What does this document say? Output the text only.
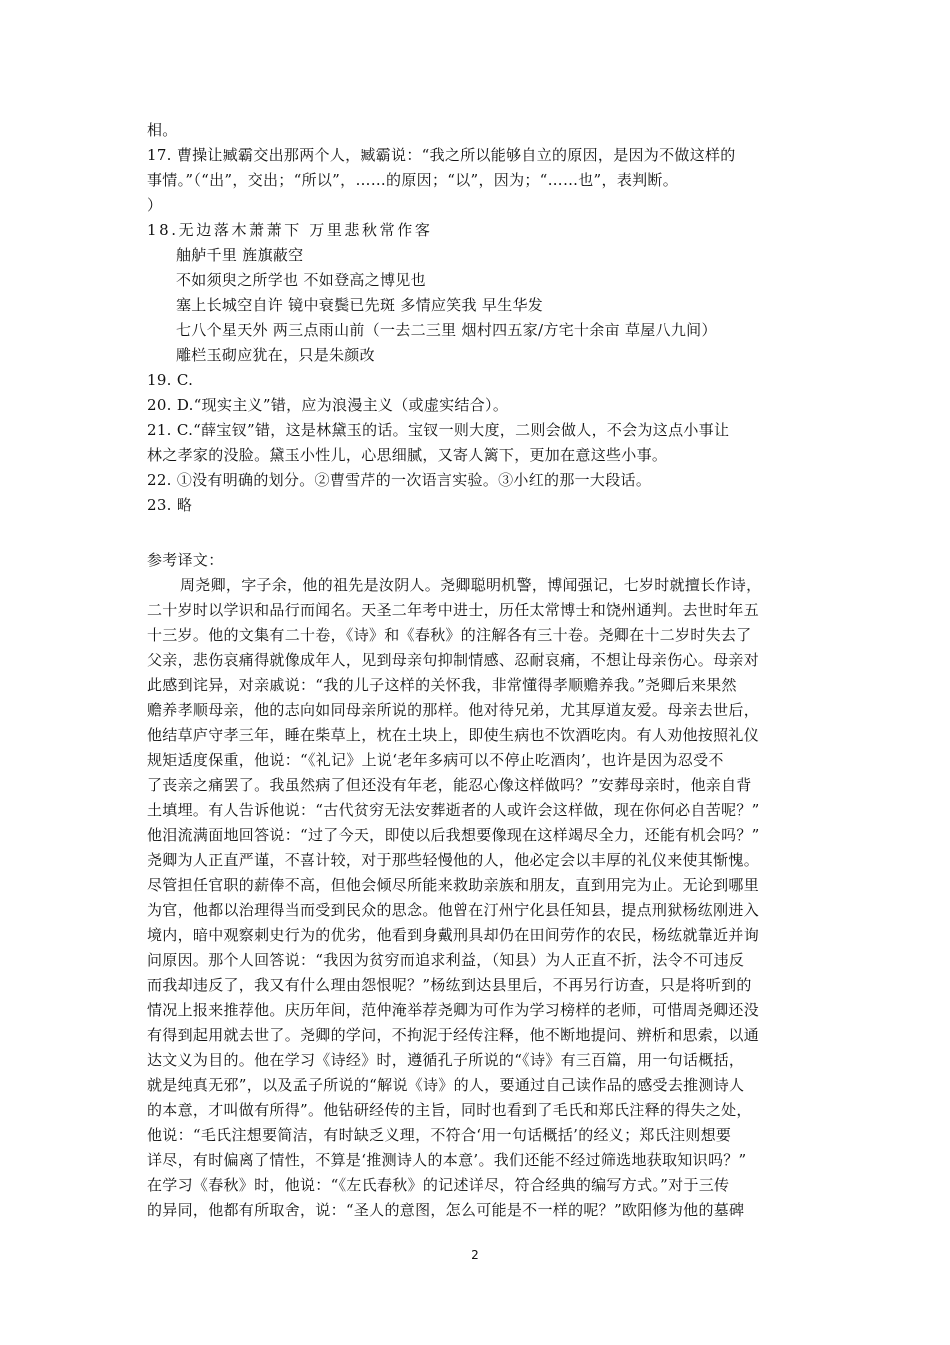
相。
17. 曹操让臧霸交出那两个人，臧霸说：“我之所以能够自立的原因，是因为不做这样的
事情。”（“出”，交出；“所以”，……的原因；“以”，因为；“……也”，表判断。
）
18.无边落木萧萧下 万里悲秋常作客
舳舻千里 旌旗蔽空
不如须臾之所学也 不如登高之博见也
塞上长城空自许 镜中衰鬓已先斑 多情应笑我 早生华发
七八个星天外 两三点雨山前（一去二三里 烟村四五家/方宅十余亩 草屋八九间）
雕栏玉砌应犹在，只是朱颜改
19. C.
20. D.“现实主义”错，应为浪漫主义（或虚实结合）。
21. C.“薛宝钗”错，这是林黛玉的话。宝钗一则大度，二则会做人，不会为这点小事让
林之孝家的没脸。黛玉小性儿，心思细腻，又寄人篱下，更加在意这些小事。
22. ①没有明确的划分。②曹雪芹的一次语言实验。③小红的那一大段话。
23. 略
参考译文：
周尧卿，字子余，他的祖先是汝阴人。尧卿聪明机警，博闻强记，七岁时就擅长作诗，
二十岁时以学识和品行而闻名。天圣二年考中进士，历任太常博士和饶州通判。去世时年五
十三岁。他的文集有二十卷，《诗》和《春秋》的注解各有三十卷。尧卿在十二岁时失去了
父亲，悲伤哀痛得就像成年人，见到母亲句抑制情感、忍耐哀痛，不想让母亲伤心。母亲对
此感到诧异，对亲戚说：“我的儿子这样的关怀我，非常懂得孝顺赡养我。”尧卿后来果然
赡养孝顺母亲，他的志向如同母亲所说的那样。他对待兄弟，尤其厚道友爱。母亲去世后，
他结草庐守孝三年，睡在柴草上，枕在土块上，即使生病也不饮酒吃肉。有人劝他按照礼仪
规矩适度保重，他说：“《礼记》上说‘老年多病可以不停止吃酒肉’，也许是因为忍受不
了丧亲之痛罢了。我虽然病了但还没有年老，能忍心像这样做吗？”安葬母亲时，他亲自背
土填埋。有人告诉他说：“古代贫穷无法安葬逝者的人或许会这样做，现在你何必自苦呢？”
他泪流满面地回答说：“过了今天，即使以后我想要像现在这样竭尽全力，还能有机会吗？”
尧卿为人正直严谨，不喜计较，对于那些轻慢他的人，他必定会以丰厚的礼仪来使其惭愧。
尽管担任官职的薪俸不高，但他会倾尽所能来救助亲族和朋友，直到用完为止。无论到哪里
为官，他都以治理得当而受到民众的思念。他曾在汀州宁化县任知县，提点刑狱杨纮刚进入
境内，暗中观察刺史行为的优劣，他看到身戴刑具却仍在田间劳作的农民，杨纮就靠近并询
问原因。那个人回答说：“我因为贫穷而追求利益，（知县）为人正直不折，法令不可违反
而我却违反了，我又有什么理由怨恨呢？”杨纮到达县里后，不再另行访查，只是将听到的
情况上报来推荐他。庆历年间，范仲淹举荐尧卿为可作为学习榜样的老师，可惜周尧卿还没
有得到起用就去世了。尧卿的学问，不拘泥于经传注释，他不断地提问、辨析和思索，以通
达文义为目的。他在学习《诗经》时，遵循孔子所说的“《诗》有三百篇，用一句话概括，
就是纯真无邪”，以及孟子所说的“解说《诗》的人，要通过自己读作品的感受去推测诗人
的本意，才叫做有所得”。他钻研经传的主旨，同时也看到了毛氏和郑氏注释的得失之处，
他说：“毛氏注想要简洁，有时缺乏义理，不符合‘用一句话概括’的经义；郑氏注则想要
详尽，有时偏离了情性，不算是‘推测诗人的本意’。我们还能不经过筛选地获取知识吗？”
在学习《春秋》时，他说：“《左氏春秋》的记述详尽，符合经典的编写方式。”对于三传
的异同，他都有所取舍，说：“圣人的意图，怎么可能是不一样的呢？”欧阳修为他的墓碑
2
